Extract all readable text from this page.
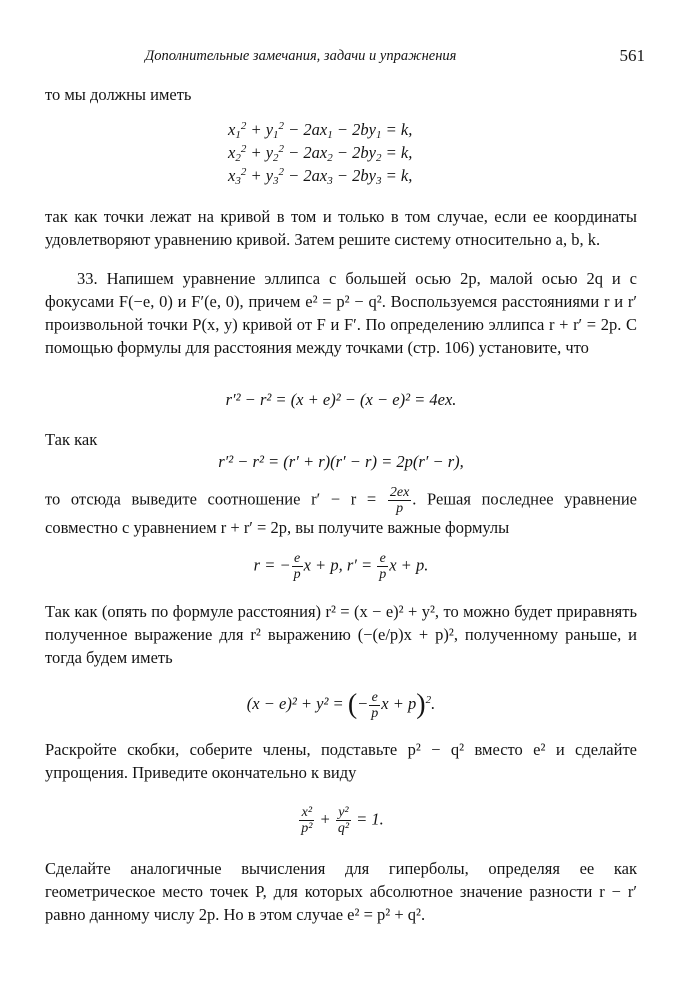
Дополнительные замечания, задачи и упражнения	561
то мы должны иметь
$x_1^2 + y_1^2 - 2ax_1 - 2by_1 = k$,
$x_2^2 + y_2^2 - 2ax_2 - 2by_2 = k$,
$x_3^2 + y_3^2 - 2ax_3 - 2by_3 = k$,
так как точки лежат на кривой в том и только в том случае, если ее координаты удовлетворяют уравнению кривой. Затем решите систему относительно a, b, k.
33. Напишем уравнение эллипса с большей осью 2p, малой осью 2q и с фокусами F(−e, 0) и F′(e, 0), причем e² = p² − q². Воспользуемся расстояниями r и r′ произвольной точки P(x, y) кривой от F и F′. По определению эллипса r + r′ = 2p. С помощью формулы для расстояния между точками (стр. 106) установите, что
r′² − r² = (x + e)² − (x − e)² = 4ex.
Так как
r′² − r² = (r′ + r)(r′ − r) = 2p(r′ − r),
то отсюда выведите соотношение $r' - r = \frac{2ex}{p}$ . Решая последнее уравнение совместно с уравнением r + r′ = 2p, вы получите важные формулы
r = − $\frac{e}{p}$ x + p, $r' = \frac{e}{p}$ x + p.
Так как (опять по формуле расстояния) r² = (x − e)² + y², то можно будет приравнять полученное выражение для r² выражению (−(e/p)x + p)², полученному раньше, и тогда будем иметь
(x − e)² + y² = (− $\frac{e}{p}$ x + p)$^2$.
Раскройте скобки, соберите члены, подставьте p² − q² вместо e² и сделайте упрощения. Приведите окончательно к виду
$\frac{\text{x²}}{\text{p²}} + \frac{\text{y²}}{\text{q²}} = 1$.
Сделайте аналогичные вычисления для гиперболы, определяя ее как геометрическое место точек P, для которых абсолютное значение разности r − r′ равно данному числу 2p. Но в этом случае e² = p² + q².
